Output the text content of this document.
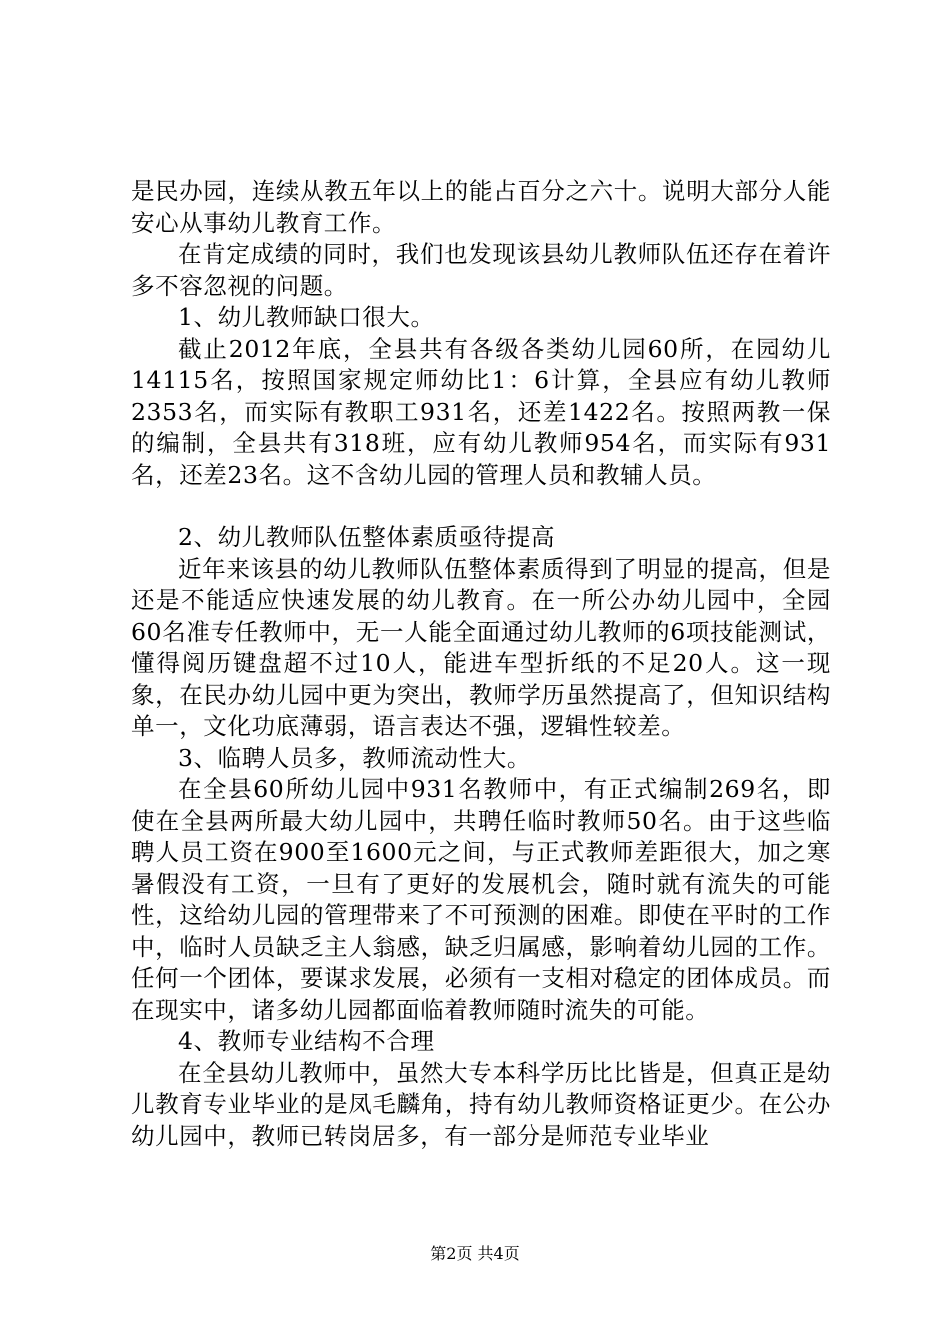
是民办园，连续从教五年以上的能占百分之六十。说明大部分人能安心从事幼儿教育工作。

在肯定成绩的同时，我们也发现该县幼儿教师队伍还存在着许多不容忽视的问题。

1、幼儿教师缺口很大。

截止2012年底，全县共有各级各类幼儿园60所，在园幼儿14115名，按照国家规定师幼比1：6计算，全县应有幼儿教师2353名，而实际有教职工931名，还差1422名。按照两教一保的编制，全县共有318班，应有幼儿教师954名，而实际有931名，还差23名。这不含幼儿园的管理人员和教辅人员。

2、幼儿教师队伍整体素质亟待提高

近年来该县的幼儿教师队伍整体素质得到了明显的提高，但是还是不能适应快速发展的幼儿教育。在一所公办幼儿园中，全园60名准专任教师中，无一人能全面通过幼儿教师的6项技能测试，懂得阅历键盘超不过10人，能进车型折纸的不足20人。这一现象，在民办幼儿园中更为突出，教师学历虽然提高了，但知识结构单一，文化功底薄弱，语言表达不强，逻辑性较差。

3、临聘人员多，教师流动性大。

在全县60所幼儿园中931名教师中，有正式编制269名，即使在全县两所最大幼儿园中，共聘任临时教师50名。由于这些临聘人员工资在900至1600元之间，与正式教师差距很大，加之寒暑假没有工资，一旦有了更好的发展机会，随时就有流失的可能性，这给幼儿园的管理带来了不可预测的困难。即使在平时的工作中，临时人员缺乏主人翁感，缺乏归属感，影响着幼儿园的工作。任何一个团体，要谋求发展，必须有一支相对稳定的团体成员。而在现实中，诸多幼儿园都面临着教师随时流失的可能。

4、教师专业结构不合理

在全县幼儿教师中，虽然大专本科学历比比皆是，但真正是幼儿教育专业毕业的是凤毛麟角，持有幼儿教师资格证更少。在公办幼儿园中，教师已转岗居多，有一部分是师范专业毕业

第2页 共4页
